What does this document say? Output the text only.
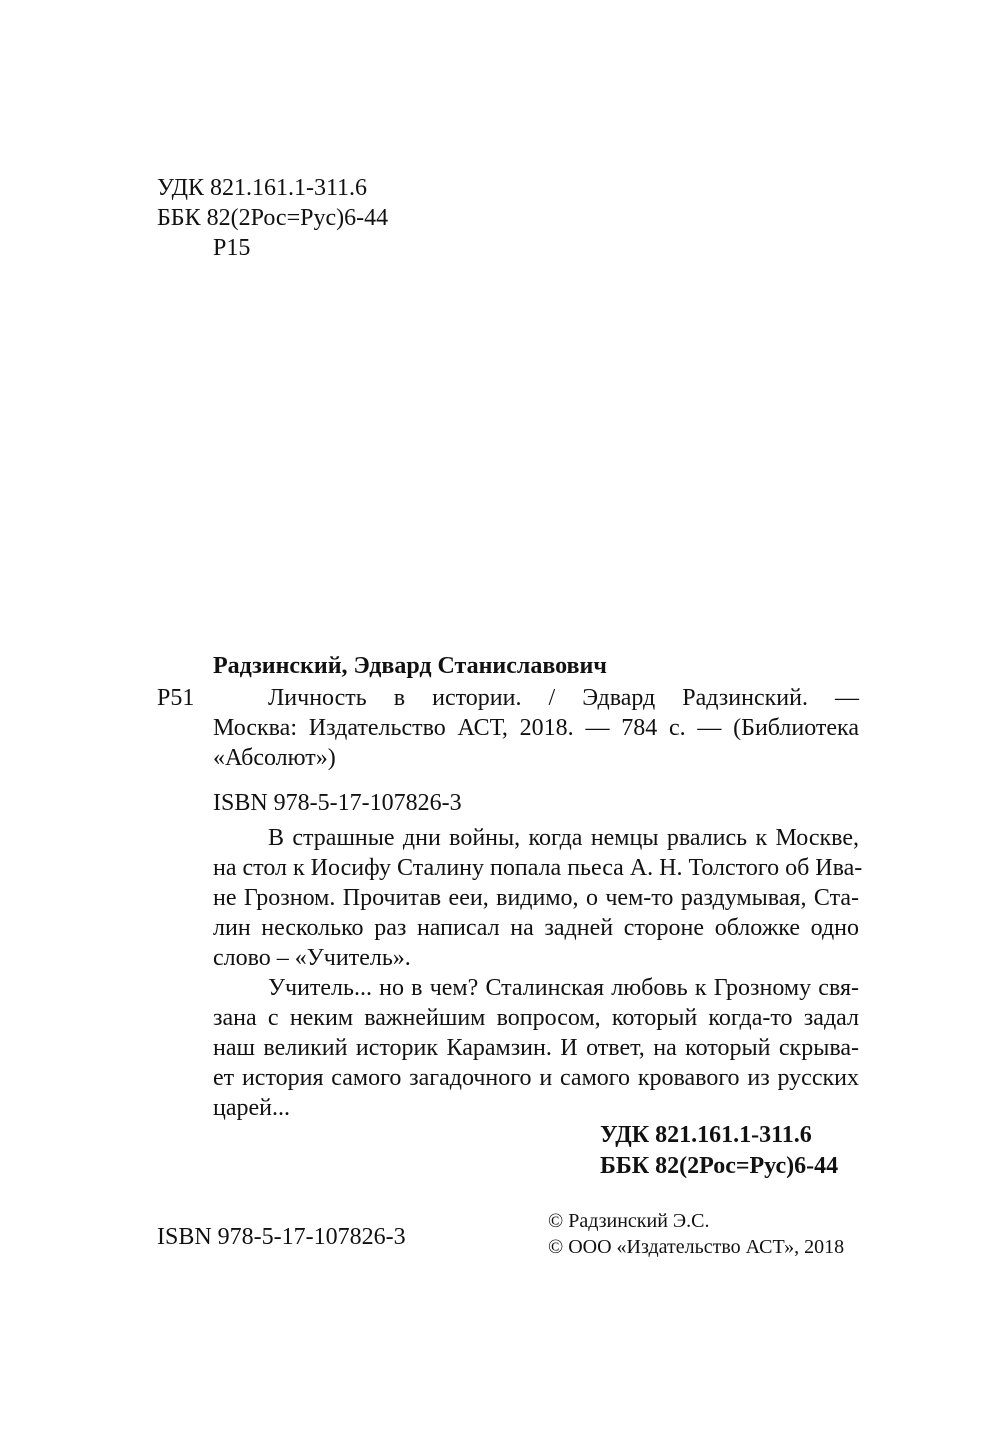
УДК 821.161.1-311.6
ББК 82(2Рос=Рус)6-44
Р15
Радзинский, Эдвард Станиславович
Р51	Личность в истории. / Эдвард Радзинский. —
Москва: Издательство АСТ, 2018. — 784 с. — (Библиотека
«Абсолют»)
ISBN 978-5-17-107826-3
В страшные дни войны, когда немцы рвались к Москве,
на стол к Иосифу Сталину попала пьеса А. Н. Толстого об Ива-
не Грозном. Прочитав ееи, видимо, о чем-то раздумывая, Ста-
лин несколько раз написал на задней стороне обложке одно
слово – «Учитель».
Учитель... но в чем? Сталинская любовь к Грозному свя-
зана с неким важнейшим вопросом, который когда-то задал
наш великий историк Карамзин. И ответ, на который скрыва-
ет история самого загадочного и самого кровавого из русских
царей...
УДК 821.161.1-311.6
ББК 82(2Рос=Рус)6-44
ISBN 978-5-17-107826-3
© Радзинский Э.С.
© ООО «Издательство АСТ», 2018
